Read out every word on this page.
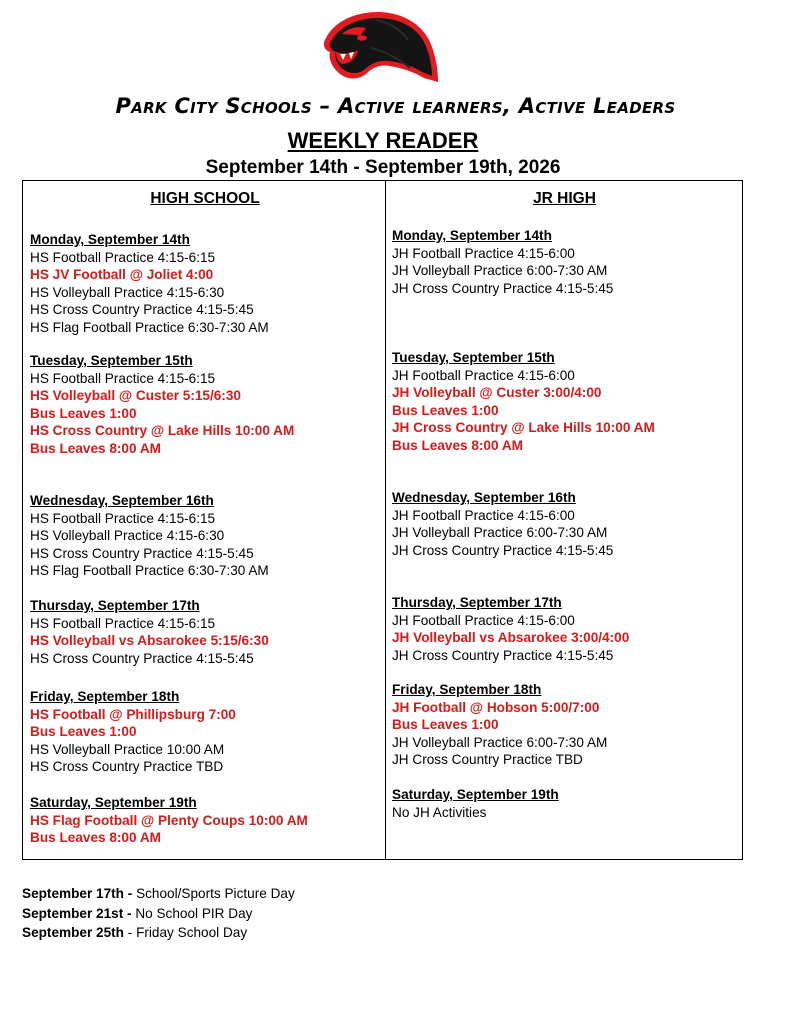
Park City Schools – Active learners, Active Leaders
WEEKLY READER
September 14th - September 19th, 2026
HIGH SCHOOL
Monday, September 14th
HS Football Practice 4:15-6:15
HS JV Football @ Joliet 4:00
HS Volleyball Practice 4:15-6:30
HS Cross Country Practice 4:15-5:45
HS Flag Football Practice 6:30-7:30 AM
Tuesday, September 15th
HS Football Practice 4:15-6:15
HS Volleyball @ Custer 5:15/6:30
Bus Leaves 1:00
HS Cross Country @ Lake Hills 10:00 AM
Bus Leaves 8:00 AM
Wednesday, September 16th
HS Football Practice 4:15-6:15
HS Volleyball Practice 4:15-6:30
HS Cross Country Practice 4:15-5:45
HS Flag Football Practice 6:30-7:30 AM
Thursday, September 17th
HS Football Practice 4:15-6:15
HS Volleyball vs Absarokee 5:15/6:30
HS Cross Country Practice 4:15-5:45
Friday, September 18th
HS Football @ Phillipsburg 7:00
Bus Leaves 1:00
HS Volleyball Practice 10:00 AM
HS Cross Country Practice TBD
Saturday, September 19th
HS Flag Football @ Plenty Coups 10:00 AM
Bus Leaves 8:00 AM
JR HIGH
Monday, September 14th
JH Football Practice 4:15-6:00
JH Volleyball Practice 6:00-7:30 AM
JH Cross Country Practice 4:15-5:45
Tuesday, September 15th
JH Football Practice 4:15-6:00
JH Volleyball @ Custer 3:00/4:00
Bus Leaves 1:00
JH Cross Country @ Lake Hills 10:00 AM
Bus Leaves 8:00 AM
Wednesday, September 16th
JH Football Practice 4:15-6:00
JH Volleyball Practice 6:00-7:30 AM
JH Cross Country Practice 4:15-5:45
Thursday, September 17th
JH Football Practice 4:15-6:00
JH Volleyball vs Absarokee 3:00/4:00
JH Cross Country Practice 4:15-5:45
Friday, September 18th
JH Football @ Hobson 5:00/7:00
Bus Leaves 1:00
JH Volleyball Practice 6:00-7:30 AM
JH Cross Country Practice TBD
Saturday, September 19th
No JH Activities
September 17th - School/Sports Picture Day
September 21st - No School PIR Day
September 25th - Friday School Day
